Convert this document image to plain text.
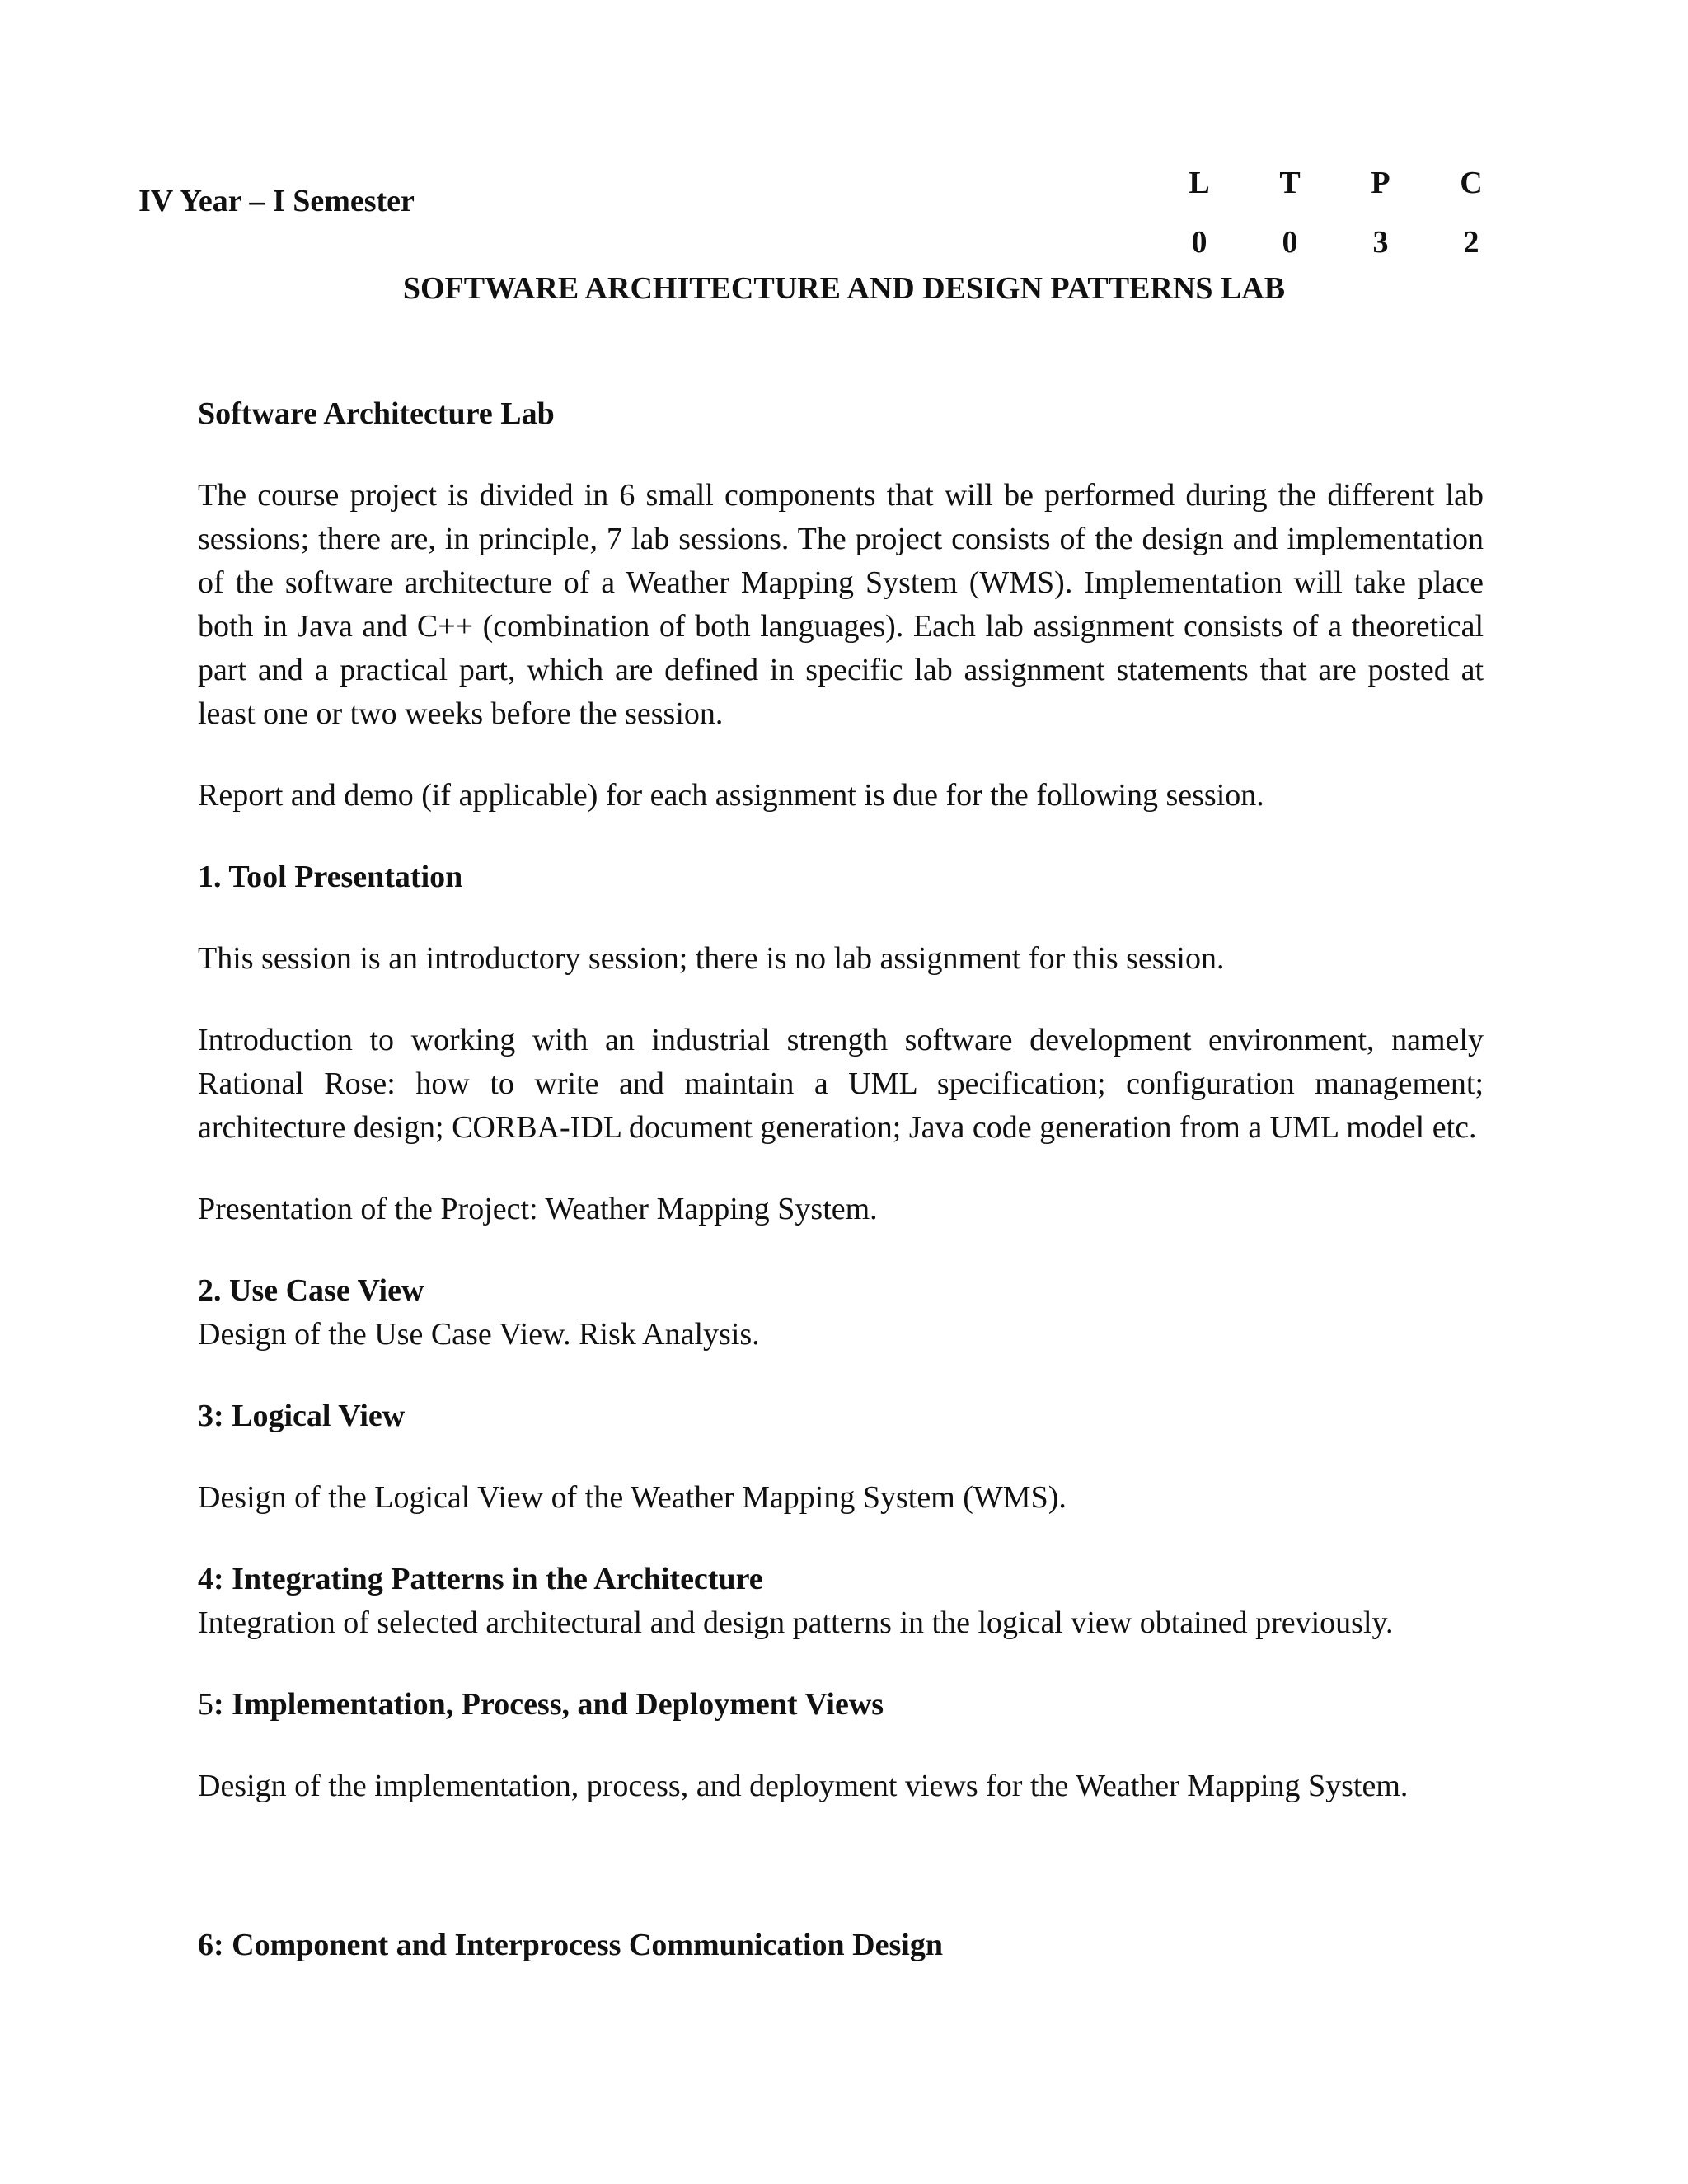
IV Year – I Semester
L	T	P	C
0	0	3	2
SOFTWARE ARCHITECTURE AND DESIGN PATTERNS LAB
Software Architecture Lab

The course project is divided in 6 small components that will be performed during the different lab sessions; there are, in principle, 7 lab sessions. The project consists of the design and implementation of the software architecture of a Weather Mapping System (WMS). Implementation will take place both in Java and C++ (combination of both languages). Each lab assignment consists of a theoretical part and a practical part, which are defined in specific lab assignment statements that are posted at least one or two weeks before the session.

Report and demo (if applicable) for each assignment is due for the following session.

1. Tool Presentation

This session is an introductory session; there is no lab assignment for this session.

Introduction to working with an industrial strength software development environment, namely Rational Rose: how to write and maintain a UML specification; configuration management; architecture design; CORBA-IDL document generation; Java code generation from a UML model etc.

Presentation of the Project: Weather Mapping System.

2. Use Case View

Design of the Use Case View. Risk Analysis.

3: Logical View

Design of the Logical View of the Weather Mapping System (WMS).

4: Integrating Patterns in the Architecture

Integration of selected architectural and design patterns in the logical view obtained previously.

5: Implementation, Process, and Deployment Views

Design of the implementation, process, and deployment views for the Weather Mapping System.

6: Component and Interprocess Communication Design
